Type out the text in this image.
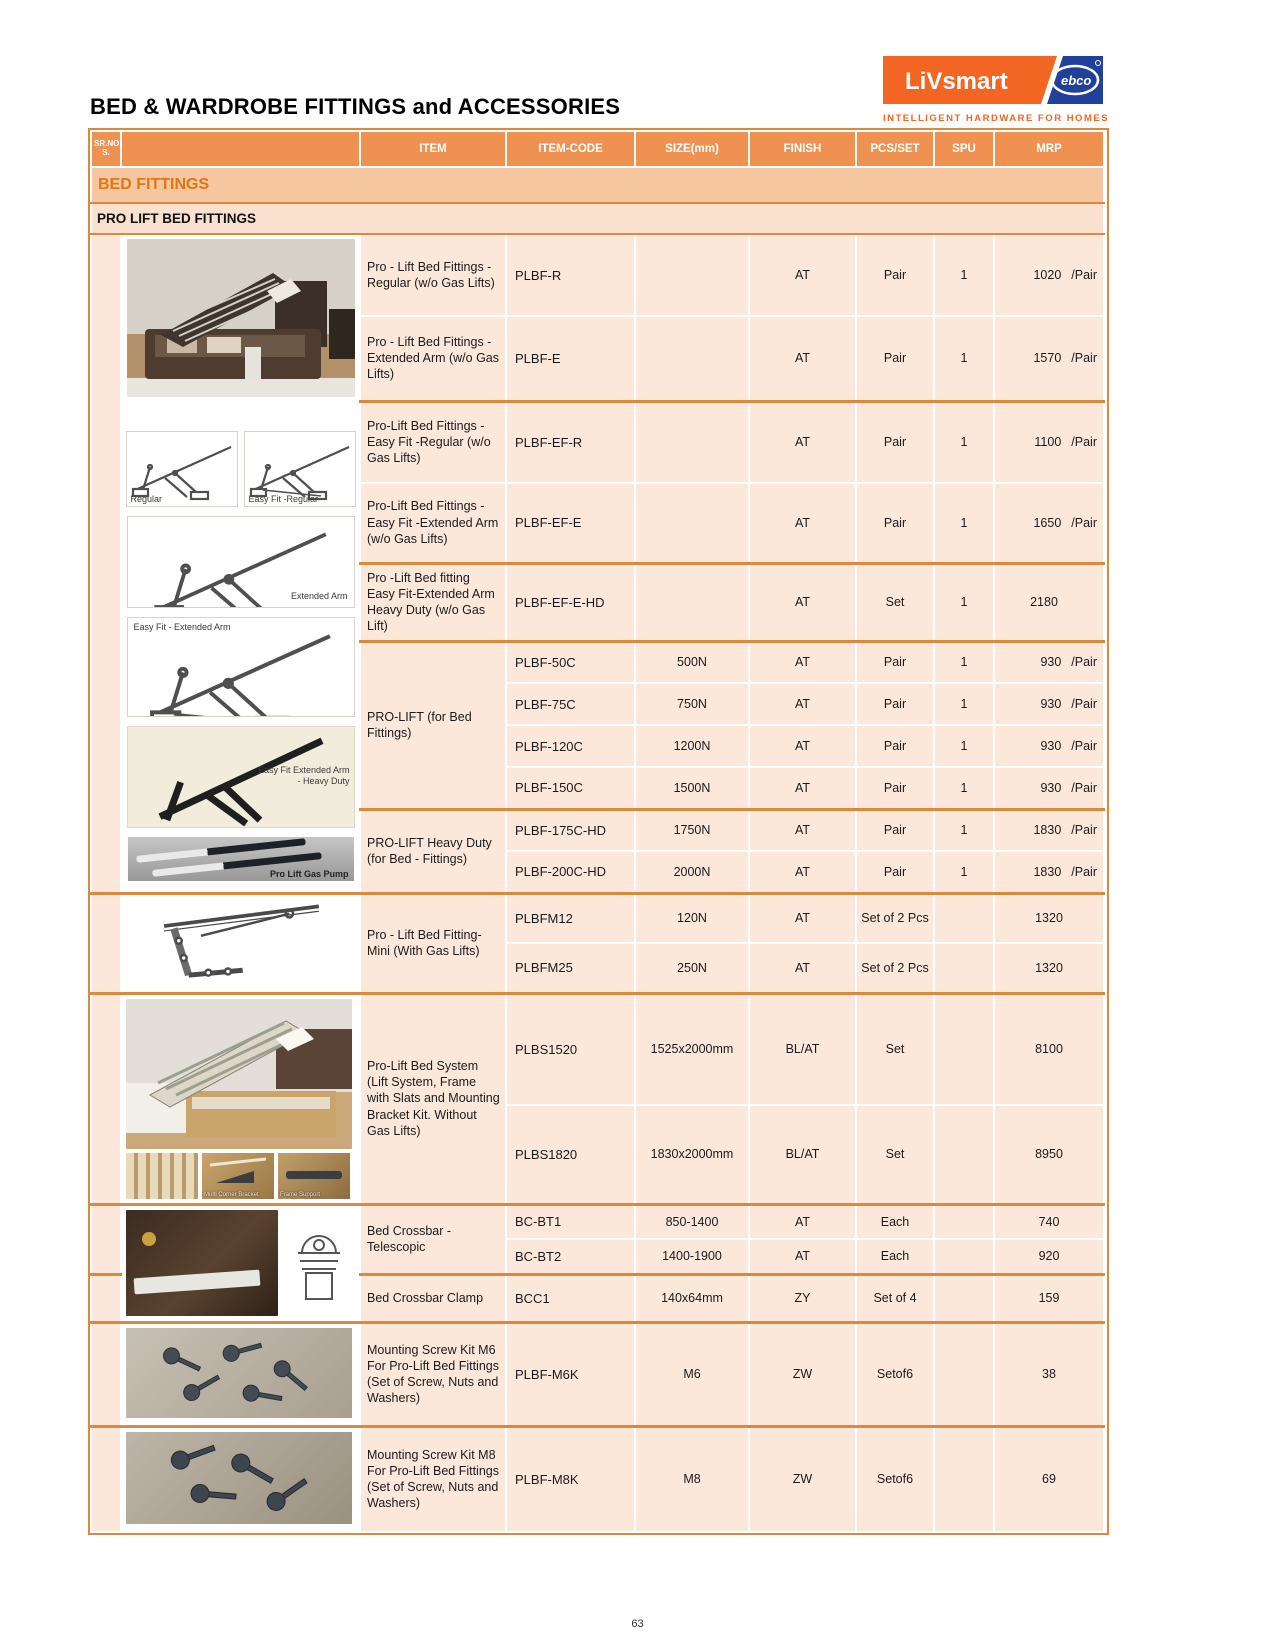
BED & WARDROBE FITTINGS and ACCESSORIES
LiVsmart	ebco
INTELLIGENT HARDWARE FOR HOMES
SR.NO
S.		ITEM	ITEM-CODE	SIZE(mm)	FINISH	PCS/SET	SPU	MRP
BED FITTINGS								
PRO LIFT BED FITTINGS								

Regular	Easy Fit -Regular
Extended Arm
Easy Fit - Extended Arm
Easy Fit Extended Arm - Heavy Duty
Pro Lift Gas Pump
	Pro - Lift Bed Fittings - Regular (w/o Gas Lifts)	PLBF-R		AT	Pair	1	1020 /Pair
		Pro - Lift Bed Fittings - Extended Arm (w/o Gas Lifts)	PLBF-E		AT	Pair	1	1570 /Pair
		Pro-Lift Bed Fittings - Easy Fit -Regular (w/o Gas Lifts)	PLBF-EF-R		AT	Pair	1	1100 /Pair
		Pro-Lift Bed Fittings - Easy Fit -Extended Arm (w/o Gas Lifts)	PLBF-EF-E		AT	Pair	1	1650 /Pair
		Pro -Lift Bed fitting Easy Fit-Extended Arm Heavy Duty (w/o Gas Lift)	PLBF-EF-E-HD		AT	Set	1	2180
		PRO-LIFT (for Bed Fittings)	PLBF-50C	500N	AT	Pair	1	930 /Pair
			PLBF-75C	750N	AT	Pair	1	930 /Pair
			PLBF-120C	1200N	AT	Pair	1	930 /Pair
			PLBF-150C	1500N	AT	Pair	1	930 /Pair
		PRO-LIFT Heavy Duty (for Bed - Fittings)	PLBF-175C-HD	1750N	AT	Pair	1	1830 /Pair
			PLBF-200C-HD	2000N	AT	Pair	1	1830 /Pair
		Pro - Lift Bed Fitting- Mini (With Gas Lifts)	PLBFM12	120N	AT	Set of 2 Pcs		1320
			PLBFM25	250N	AT	Set of 2 Pcs		1320

	Multi Corner Bracket Frame Support	Pro-Lift Bed System (Lift System, Frame with Slats and Mounting Bracket Kit. Without Gas Lifts)	PLBS1520	1525x2000mm	BL/AT	Set		8100
			PLBS1820	1830x2000mm	BL/AT	Set		8950

	Bed Crossbar - Telescopic	BC-BT1	850-1400	AT	Each		740
			BC-BT2	1400-1900	AT	Each		920
		Bed Crossbar Clamp	BCC1	140x64mm	ZY	Set of 4		159
		Mounting Screw Kit M6 For Pro-Lift Bed Fittings (Set of Screw, Nuts and Washers)	PLBF-M6K	M6	ZW	Setof6		38
		Mounting Screw Kit M8 For Pro-Lift Bed Fittings (Set of Screw, Nuts and Washers)	PLBF-M8K	M8	ZW	Setof6		69
63
